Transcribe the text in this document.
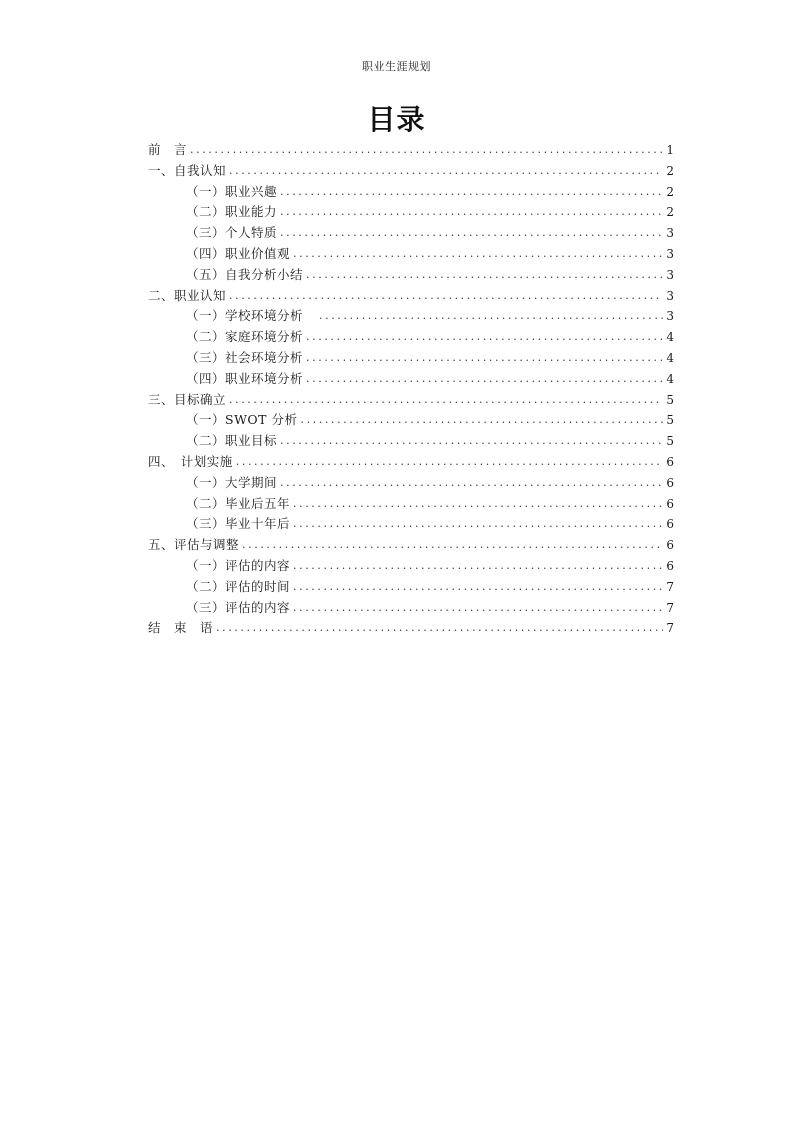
职业生涯规划
目录
前　言 .....	1
一、自我认知 .....	2
（一）职业兴趣 .....	2
（二）职业能力 .....	2
（三）个人特质 .....	3
（四）职业价值观 .....	3
（五）自我分析小结 .....	3
二、职业认知 .....	3
（一）学校环境分析　 .....	3
（二）家庭环境分析 .....	4
（三）社会环境分析 .....	4
（四）职业环境分析 .....	4
三、目标确立 .....	5
（一）SWOT 分析 .....	5
（二）职业目标 .....	5
四、　计划实施 .....	6
（一）大学期间 .....	6
（二）毕业后五年 .....	6
（三）毕业十年后 .....	6
五、评估与调整 .....	6
（一）评估的内容 .....	6
（二）评估的时间 .....	7
（三）评估的内容 .....	7
结　束　语 .....	7
